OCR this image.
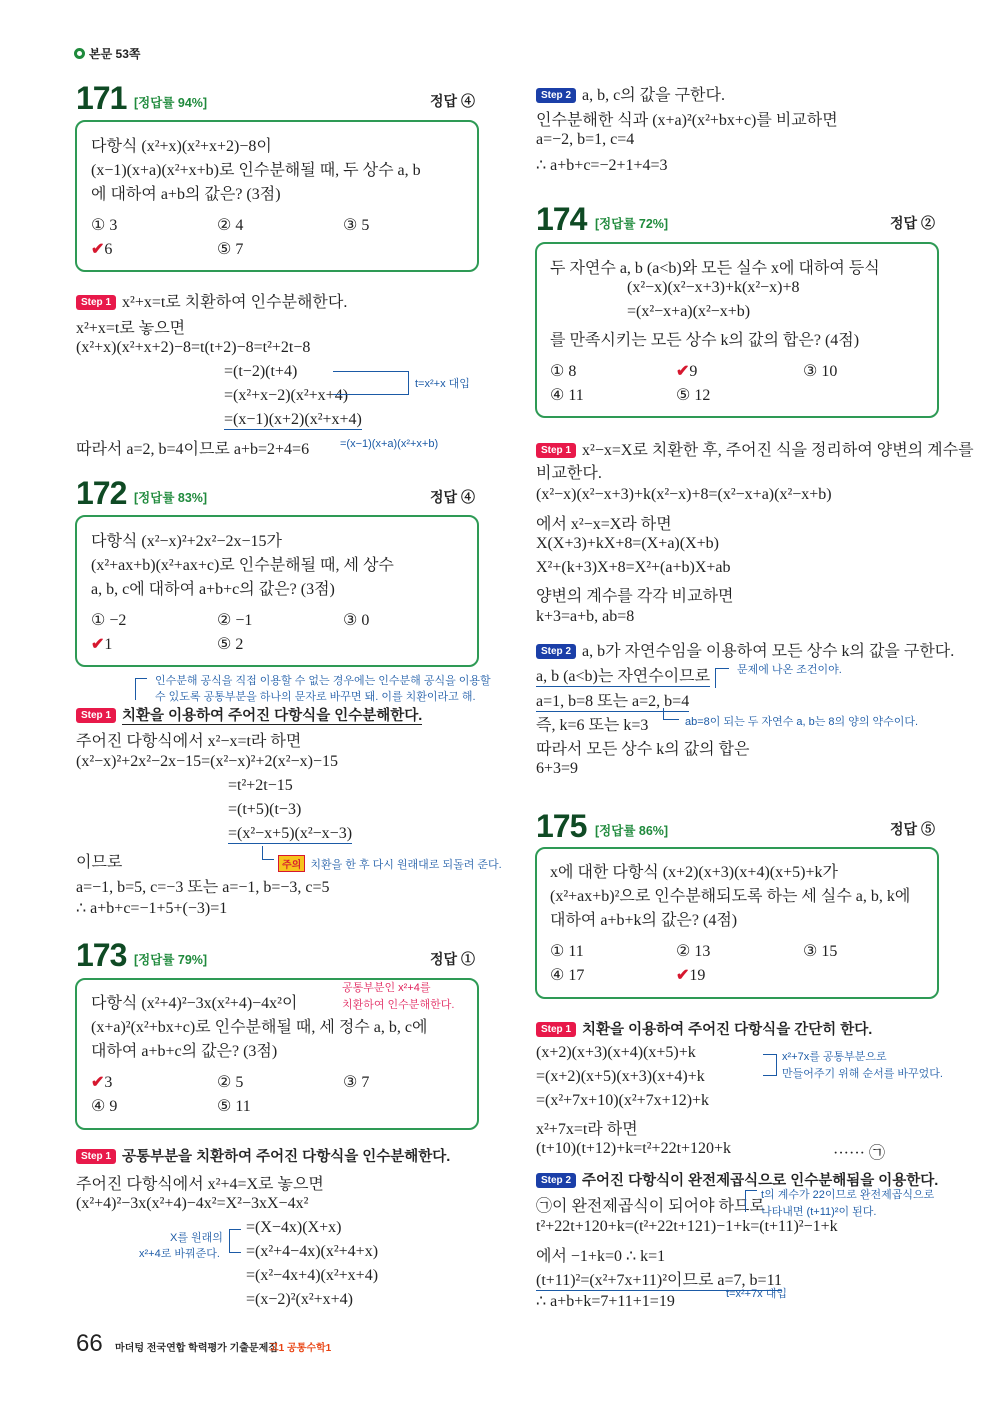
본문 53쪽
171 [정답률 94%]	정답 ④
다항식 (x²+x)(x²+x+2)−8이
(x−1)(x+a)(x²+x+b)로 인수분해될 때, 두 상수 a, b
에 대하여 a+b의 값은? (3점)
① 3	② 4	③ 5
✔6	⑤ 7
Step 1 x²+x=t로 치환하여 인수분해한다.
x²+x=t로 놓으면
(x²+x)(x²+x+2)−8=t(t+2)−8=t²+2t−8
=(t−2)(t+4)
=(x²+x−2)(x²+x+4)
=(x−1)(x+2)(x²+x+4)
따라서 a=2, b=4이므로 a+b=2+4=6
t=x²+x 대입
=(x−1)(x+a)(x²+x+b)
172 [정답률 83%]	정답 ④
다항식 (x²−x)²+2x²−2x−15가
(x²+ax+b)(x²+ax+c)로 인수분해될 때, 세 상수
a, b, c에 대하여 a+b+c의 값은? (3점)
① −2	② −1	③ 0
✔1	⑤ 2
인수분해 공식을 직접 이용할 수 없는 경우에는 인수분해 공식을 이용할
수 있도록 공통부분을 하나의 문자로 바꾸면 돼. 이를 치환이라고 해.
Step 1 치환을 이용하여 주어진 다항식을 인수분해한다.
주어진 다항식에서 x²−x=t라 하면
(x²−x)²+2x²−2x−15=(x²−x)²+2(x²−x)−15
=t²+2t−15
=(t+5)(t−3)
=(x²−x+5)(x²−x−3)
이므로
a=−1, b=5, c=−3 또는 a=−1, b=−3, c=5
∴ a+b+c=−1+5+(−3)=1
주의 치환을 한 후 다시 원래대로 되돌려 준다.
173 [정답률 79%]	정답 ①
다항식 (x²+4)²−3x(x²+4)−4x²이
(x+a)²(x²+bx+c)로 인수분해될 때, 세 정수 a, b, c에
대하여 a+b+c의 값은? (3점)
공통부분인 x²+4를
치환하여 인수분해한다.
✔3	② 5	③ 7
④ 9	⑤ 11
Step 1 공통부분을 치환하여 주어진 다항식을 인수분해한다.
주어진 다항식에서 x²+4=X로 놓으면
(x²+4)²−3x(x²+4)−4x²=X²−3xX−4x²
=(X−4x)(X+x)
=(x²+4−4x)(x²+4+x)
=(x²−4x+4)(x²+x+4)
=(x−2)²(x²+x+4)
X를 원래의
x²+4로 바꿔준다.
Step 2 a, b, c의 값을 구한다.
인수분해한 식과 (x+a)²(x²+bx+c)를 비교하면
a=−2, b=1, c=4
∴ a+b+c=−2+1+4=3
174 [정답률 72%]	정답 ②
두 자연수 a, b (a<b)와 모든 실수 x에 대하여 등식
(x²−x)(x²−x+3)+k(x²−x)+8
=(x²−x+a)(x²−x+b)
를 만족시키는 모든 상수 k의 값의 합은? (4점)
① 8	✔9	③ 10
④ 11	⑤ 12
Step 1 x²−x=X로 치환한 후, 주어진 식을 정리하여 양변의 계수를
비교한다.
(x²−x)(x²−x+3)+k(x²−x)+8=(x²−x+a)(x²−x+b)
에서 x²−x=X라 하면
X(X+3)+kX+8=(X+a)(X+b)
X²+(k+3)X+8=X²+(a+b)X+ab
양변의 계수를 각각 비교하면
k+3=a+b, ab=8
Step 2 a, b가 자연수임을 이용하여 모든 상수 k의 값을 구한다.
a, b (a<b)는 자연수이므로
a=1, b=8 또는 a=2, b=4
즉, k=6 또는 k=3
따라서 모든 상수 k의 값의 합은
6+3=9
문제에 나온 조건이야.
ab=8이 되는 두 자연수 a, b는 8의 양의 약수이다.
175 [정답률 86%]	정답 ⑤
x에 대한 다항식 (x+2)(x+3)(x+4)(x+5)+k가
(x²+ax+b)²으로 인수분해되도록 하는 세 실수 a, b, k에
대하여 a+b+k의 값은? (4점)
① 11	② 13	③ 15
④ 17	✔19
Step 1 치환을 이용하여 주어진 다항식을 간단히 한다.
(x+2)(x+3)(x+4)(x+5)+k
=(x+2)(x+5)(x+3)(x+4)+k
=(x²+7x+10)(x²+7x+12)+k
x²+7x=t라 하면
(t+10)(t+12)+k=t²+22t+120+k	······ ㉠
x²+7x를 공통부분으로
만들어주기 위해 순서를 바꾸었다.
Step 2 주어진 다항식이 완전제곱식으로 인수분해됨을 이용한다.
㉠이 완전제곱식이 되어야 하므로
t²+22t+120+k=(t²+22t+121)−1+k=(t+11)²−1+k
에서 −1+k=0 ∴ k=1
(t+11)²=(x²+7x+11)²이므로 a=7, b=11
∴ a+b+k=7+11+1=19
t의 계수가 22이므로 완전제곱식으로
나타내면 (t+11)²이 된다.
t=x²+7x 대입
66 마더텅 전국연합 학력평가 기출문제집
고1 공통수학1
